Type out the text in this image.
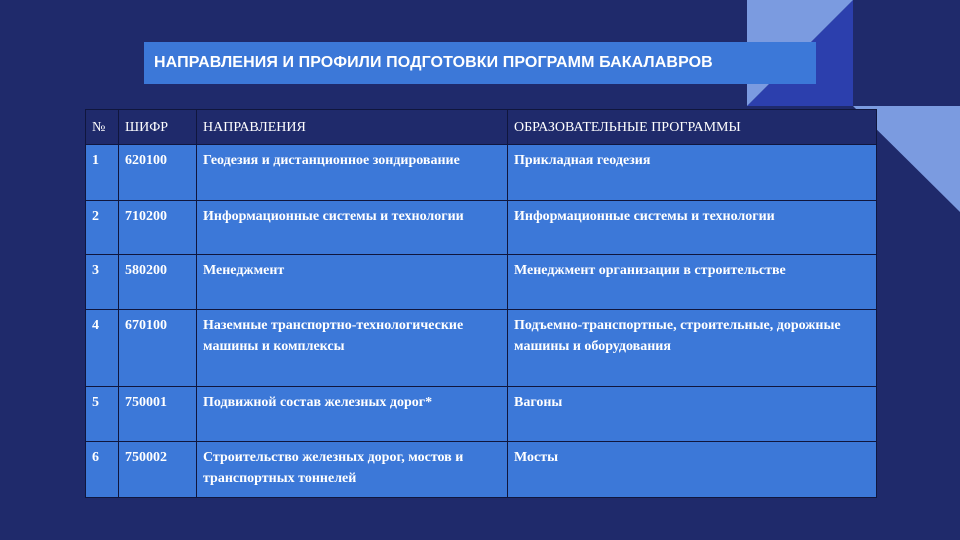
НАПРАВЛЕНИЯ И ПРОФИЛИ ПОДГОТОВКИ ПРОГРАММ БАКАЛАВРОВ
№	ШИФР	НАПРАВЛЕНИЯ	ОБРАЗОВАТЕЛЬНЫЕ ПРОГРАММЫ
1	620100	Геодезия и дистанционное зондирование	Прикладная геодезия
2	710200	Информационные системы и технологии	Информационные системы и технологии
3	580200	Менеджмент	Менеджмент организации в строительстве
4	670100	Наземные транспортно-технологические машины и комплексы	Подъемно-транспортные, строительные, дорожные машины и оборудования
5	750001	Подвижной состав железных дорог*	Вагоны
6	750002	Строительство железных дорог, мостов и транспортных тоннелей	Мосты
